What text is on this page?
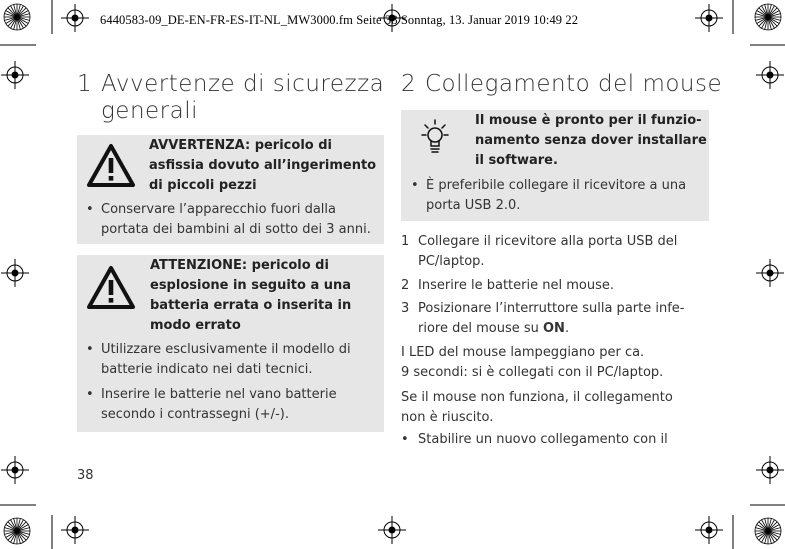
6440583-09_DE-EN-FR-ES-IT-NL_MW3000.fm Seite 38 Sonntag, 13. Januar 2019 10:49 22
1 Avvertenze di sicurezza
generali
AVVERTENZA: pericolo di
asfissia dovuto all’ingerimento
di piccoli pezzi
• Conservare l’apparecchio fuori dalla
portata dei bambini al di sotto dei 3 anni.
ATTENZIONE: pericolo di
esplosione in seguito a una
batteria errata o inserita in
modo errato
• Utilizzare esclusivamente il modello di
batterie indicato nei dati tecnici.
• Inserire le batterie nel vano batterie
secondo i contrassegni (+/-).
38
2 Collegamento del mouse
Il mouse è pronto per il funzio-
namento senza dover installare
il software.
• È preferibile collegare il ricevitore a una
porta USB 2.0.
1 Collegare il ricevitore alla porta USB del
PC/laptop.
2 Inserire le batterie nel mouse.
3 Posizionare l’interruttore sulla parte infe-
riore del mouse su ON.
I LED del mouse lampeggiano per ca.
9 secondi: si è collegati con il PC/laptop.
Se il mouse non funziona, il collegamento
non è riuscito.
• Stabilire un nuovo collegamento con il
